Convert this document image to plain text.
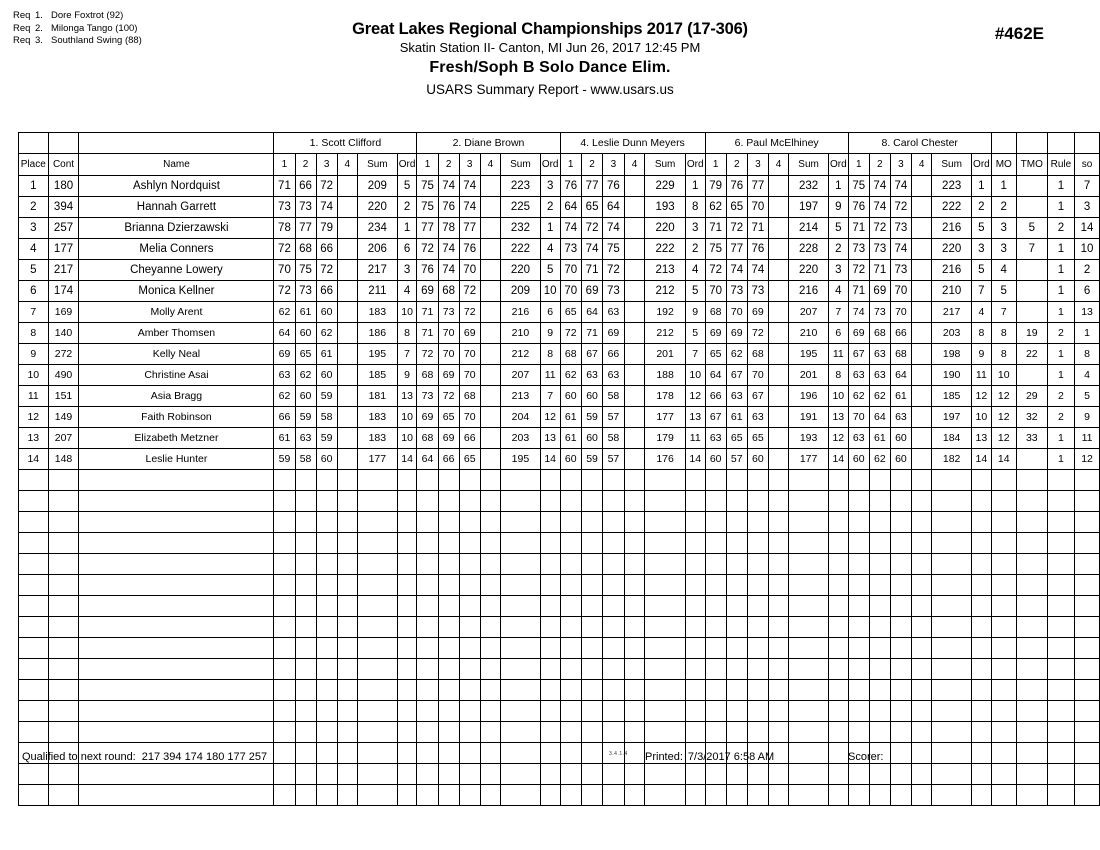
Req 1. Dore Foxtrot (92)
Req 2. Milonga Tango (100)
Req 3. Southland Swing (88)
Great Lakes Regional Championships 2017 (17-306)
Skatin Station II- Canton, MI Jun 26, 2017 12:45 PM
Fresh/Soph B Solo Dance Elim.
USARS Summary Report - www.usars.us
#462E
			1. Scott Clifford						2. Diane Brown						4. Leslie Dunn Meyers						6. Paul McElhiney						8. Carol Chester									
Place	Cont	Name	1	2	3	4	Sum	Ord	1	2	3	4	Sum	Ord	1	2	3	4	Sum	Ord	1	2	3	4	Sum	Ord	1	2	3	4	Sum	Ord	MO	TMO	Rule	so
1	180	Ashlyn Nordquist	71	66	72		209	5	75	74	74		223	3	76	77	76		229	1	79	76	77		232	1	75	74	74		223	1	1		1	7
2	394	Hannah Garrett	73	73	74		220	2	75	76	74		225	2	64	65	64		193	8	62	65	70		197	9	76	74	72		222	2	2		1	3
3	257	Brianna Dzierzawski	78	77	79		234	1	77	78	77		232	1	74	72	74		220	3	71	72	71		214	5	71	72	73		216	5	3	5	2	14
4	177	Melia Conners	72	68	66		206	6	72	74	76		222	4	73	74	75		222	2	75	77	76		228	2	73	73	74		220	3	3	7	1	10
5	217	Cheyanne Lowery	70	75	72		217	3	76	74	70		220	5	70	71	72		213	4	72	74	74		220	3	72	71	73		216	5	4		1	2
6	174	Monica Kellner	72	73	66		211	4	69	68	72		209	10	70	69	73		212	5	70	73	73		216	4	71	69	70		210	7	5		1	6
7	169	Molly Arent	62	61	60		183	10	71	73	72		216	6	65	64	63		192	9	68	70	69		207	7	74	73	70		217	4	7		1	13
8	140	Amber Thomsen	64	60	62		186	8	71	70	69		210	9	72	71	69		212	5	69	69	72		210	6	69	68	66		203	8	8	19	2	1
9	272	Kelly Neal	69	65	61		195	7	72	70	70		212	8	68	67	66		201	7	65	62	68		195	11	67	63	68		198	9	8	22	1	8
10	490	Christine Asai	63	62	60		185	9	68	69	70		207	11	62	63	63		188	10	64	67	70		201	8	63	63	64		190	11	10		1	4
11	151	Asia Bragg	62	60	59		181	13	73	72	68		213	7	60	60	58		178	12	66	63	67		196	10	62	62	61		185	12	12	29	2	5
12	149	Faith Robinson	66	59	58		183	10	69	65	70		204	12	61	59	57		177	13	67	61	63		191	13	70	64	63		197	10	12	32	2	9
13	207	Elizabeth Metzner	61	63	59		183	10	68	69	66		203	13	61	60	58		179	11	63	65	65		193	12	63	61	60		184	13	12	33	1	11
14	148	Leslie Hunter	59	58	60		177	14	64	66	65		195	14	60	59	57		176	14	60	57	60		177	14	60	62	60		182	14	14		1	12

Qualified to next round: 217 394 174 180 177 257	3.4.1.4 Printed: 7/3/2017 6:58 AM	Scorer:
